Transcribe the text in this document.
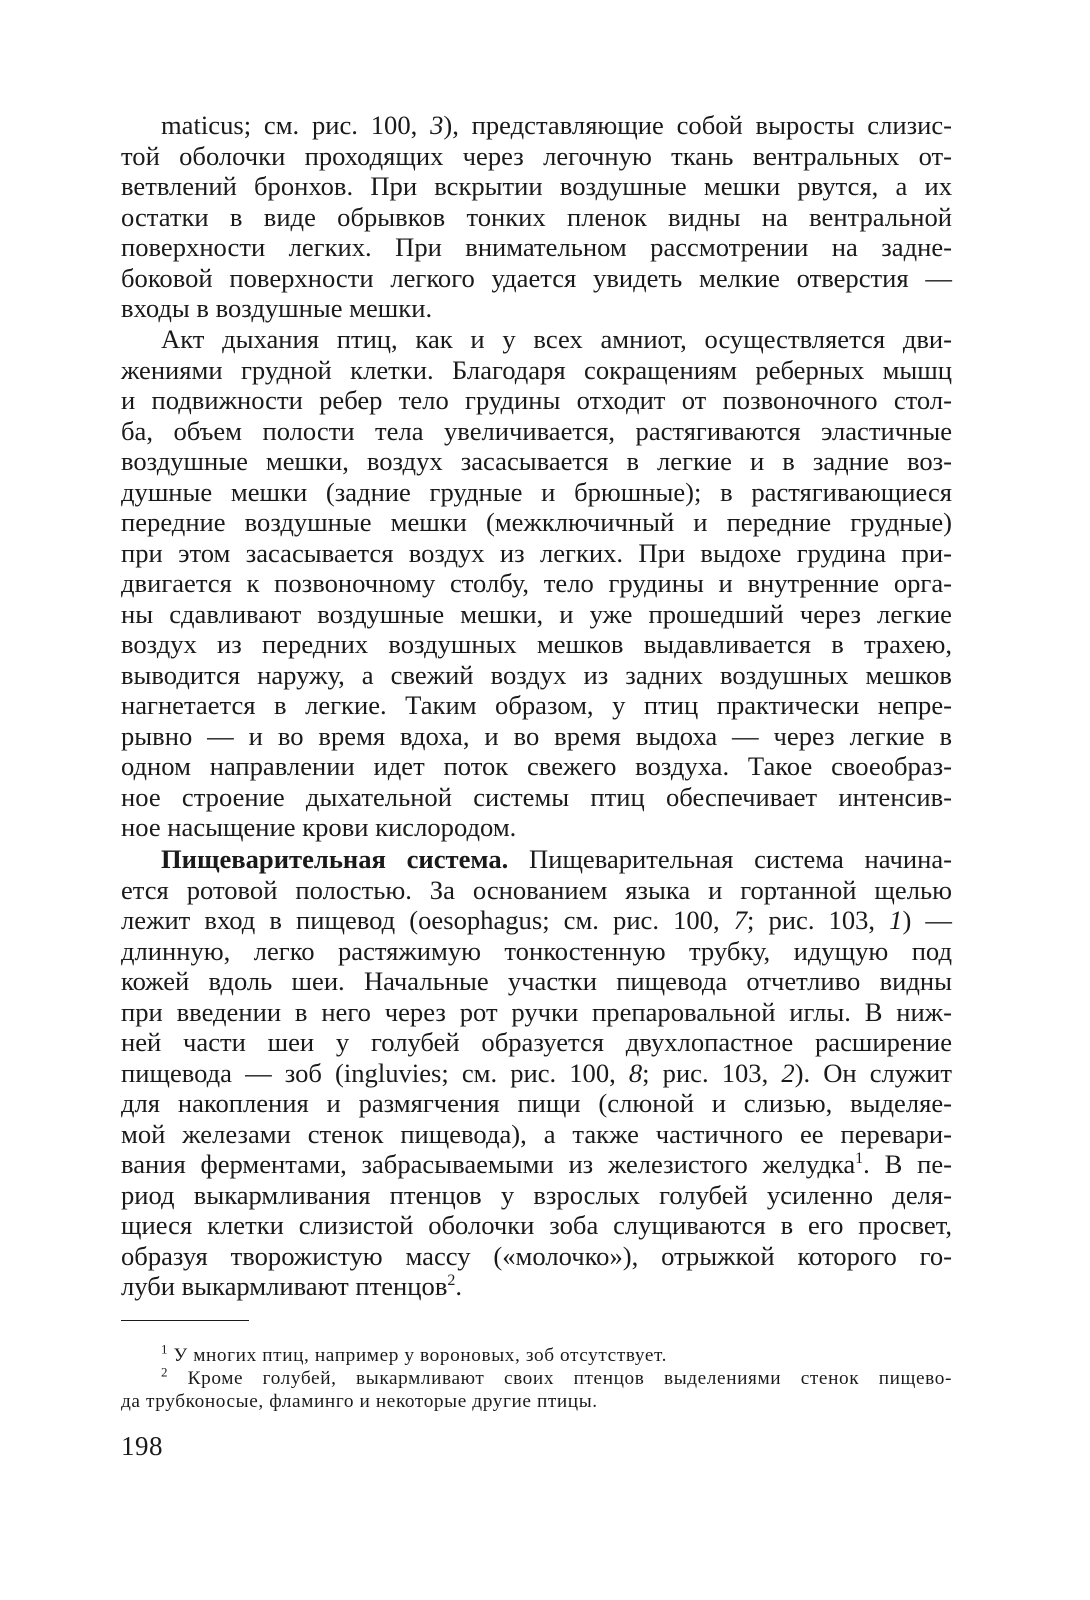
maticus; см. рис. 100, 3), представляющие собой выросты слизис-
той оболочки проходящих через легочную ткань вентральных от-
ветвлений бронхов. При вскрытии воздушные мешки рвутся, а их
остатки в виде обрывков тонких пленок видны на вентральной
поверхности легких. При внимательном рассмотрении на задне-
боковой поверхности легкого удается увидеть мелкие отверстия —
входы в воздушные мешки.

Акт дыхания птиц, как и у всех амниот, осуществляется дви-
жениями грудной клетки. Благодаря сокращениям реберных мышц
и подвижности ребер тело грудины отходит от позвоночного стол-
ба, объем полости тела увеличивается, растягиваются эластичные
воздушные мешки, воздух засасывается в легкие и в задние воз-
душные мешки (задние грудные и брюшные); в растягивающиеся
передние воздушные мешки (межключичный и передние грудные)
при этом засасывается воздух из легких. При выдохе грудина при-
двигается к позвоночному столбу, тело грудины и внутренние орга-
ны сдавливают воздушные мешки, и уже прошедший через легкие
воздух из передних воздушных мешков выдавливается в трахею,
выводится наружу, а свежий воздух из задних воздушных мешков
нагнетается в легкие. Таким образом, у птиц практически непре-
рывно — и во время вдоха, и во время выдоха — через легкие в
одном направлении идет поток свежего воздуха. Такое своеобраз-
ное строение дыхательной системы птиц обеспечивает интенсив-
ное насыщение крови кислородом.

Пищеварительная система. Пищеварительная система начина-
ется ротовой полостью. За основанием языка и гортанной щелью
лежит вход в пищевод (oesophagus; см. рис. 100, 7; рис. 103, 1) —
длинную, легко растяжимую тонкостенную трубку, идущую под
кожей вдоль шеи. Начальные участки пищевода отчетливо видны
при введении в него через рот ручки препаровальной иглы. В ниж-
ней части шеи у голубей образуется двухлопастное расширение
пищевода — зоб (ingluvies; см. рис. 100, 8; рис. 103, 2). Он служит
для накопления и размягчения пищи (слюной и слизью, выделяе-
мой железами стенок пищевода), а также частичного ее перевари-
вания ферментами, забрасываемыми из железистого желудка$^1$. В пе-
риод выкармливания птенцов у взрослых голубей усиленно деля-
щиеся клетки слизистой оболочки зоба слущиваются в его просвет,
образуя творожистую массу («молочко»), отрыжкой которого го-
луби выкармливают птенцов$^2$.

$^1$ У многих птиц, например у вороновых, зоб отсутствует.

$^2$ Кроме голубей, выкармливают своих птенцов выделениями стенок пищево-
да трубконосые, фламинго и некоторые другие птицы.

198
